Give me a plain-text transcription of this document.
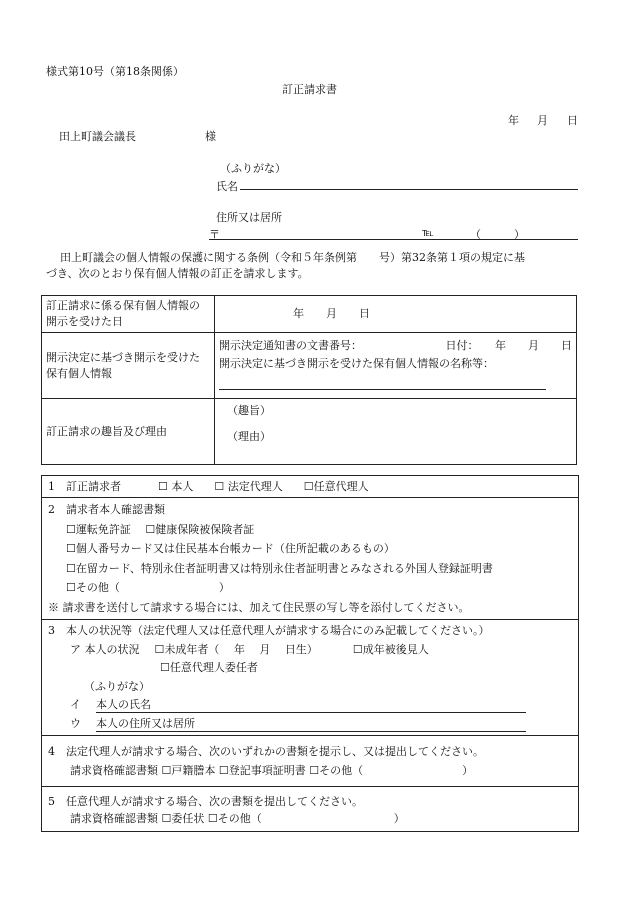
様式第10号（第18条関係）
訂正請求書
年 月 日
田上町議会議長	様
（ふりがな）
氏名
住所又は居所
〒	℡	（　　　）
田上町議会の個人情報の保護に関する条例（令和５年条例第　　号）第32条第１項の規定に基
づき、次のとおり保有個人情報の訂正を請求します。
訂正請求に係る保有個人情報の開示を受けた日	年　　月　　日
開示決定に基づき開示を受けた保有個人情報	開示決定通知書の文書番号： 日付：　　年　　月　　日
開示決定に基づき開示を受けた保有個人情報の名称等：

訂正請求の趣旨及び理由	（趣旨）
（理由）
1　訂正請求者	☐ 本人 ☐ 法定代理人 ☐任意代理人
2　請求者本人確認書類
☐運転免許証　 ☐健康保険被保険者証
☐個人番号カード又は住民基本台帳カード（住所記載のあるもの）
☐在留カード、特別永住者証明書又は特別永住者証明書とみなされる外国人登録証明書
☐その他（　　　　　　　　　）
※ 請求書を送付して請求する場合には、加えて住民票の写し等を添付してください。
3　本人の状況等（法定代理人又は任意代理人が請求する場合にのみ記載してください。）
ア 本人の状況 ☐未成年者（　 年　 月　 日生）	☐成年被後見人
☐任意代理人委任者
（ふりがな）
イ 本人の氏名
ウ 本人の住所又は居所
4　法定代理人が請求する場合、次のいずれかの書類を提示し、又は提出してください。
請求資格確認書類 ☐戸籍謄本 ☐登記事項証明書 ☐その他（　　　　　　　　　）
5　任意代理人が請求する場合、次の書類を提出してください。
請求資格確認書類 ☐委任状 ☐その他（　　　　　　　　　　　　）
